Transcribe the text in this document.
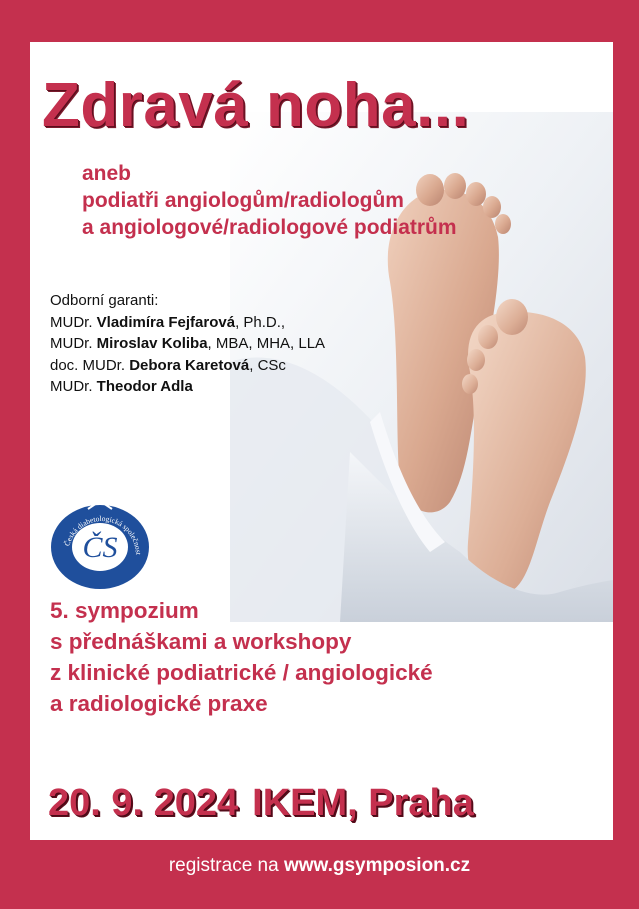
Zdravá noha...
aneb
podiatři angiologům/radiologům
a angiologové/radiologové podiatrům
Odborní garanti:
MUDr. Vladimíra Fejfarová, Ph.D.,
MUDr. Miroslav Koliba, MBA, MHA, LLA
doc. MUDr. Debora Karetová, CSc
MUDr. Theodor Adla
Česká diabetologická společnost
ČS
5. sympozium
s přednáškami a workshopy
z klinické podiatrické / angiologické
a radiologické praxe
20. 9. 2024 IKEM, Praha
registrace na www.gsymposion.cz
